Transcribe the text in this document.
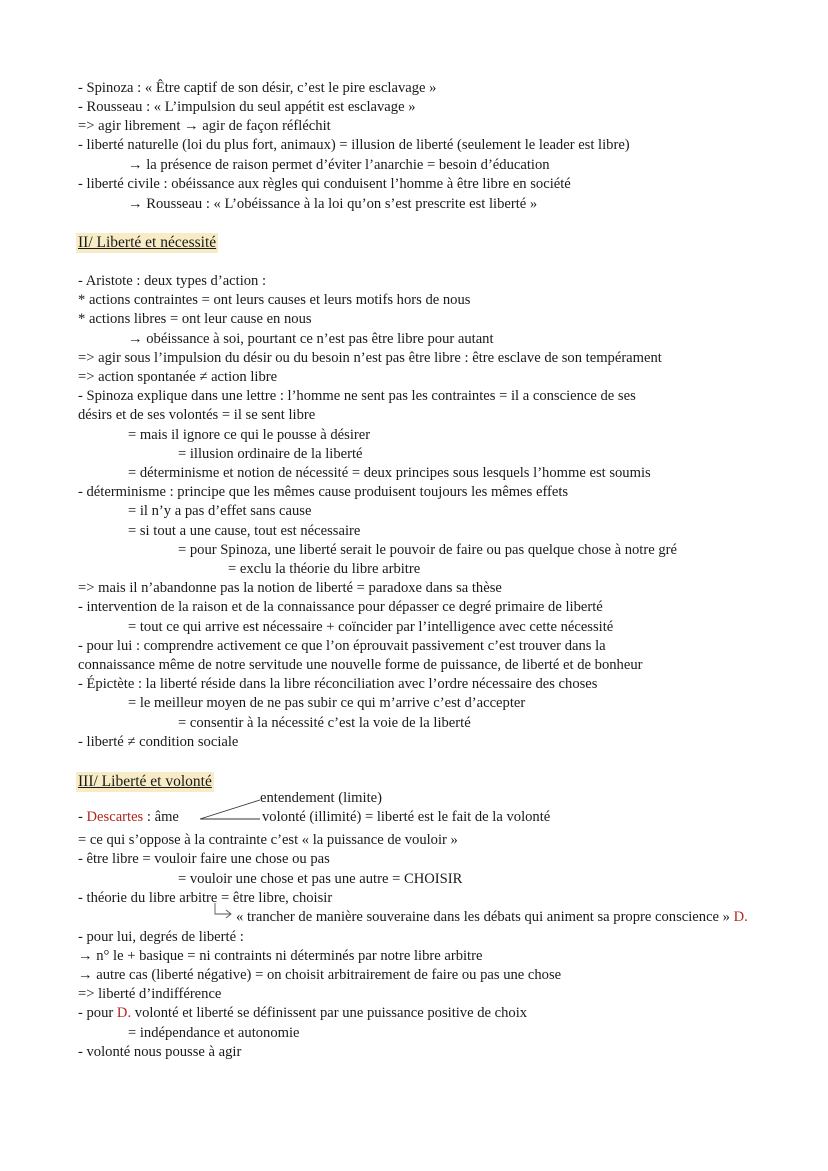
- Spinoza : « Être captif de son désir, c’est le pire esclavage »
- Rousseau : « L’impulsion du seul appétit est esclavage »
=> agir librement → agir de façon réfléchit
- liberté naturelle (loi du plus fort, animaux) = illusion de liberté (seulement le leader est libre)
→ la présence de raison permet d’éviter l’anarchie = besoin d’éducation
- liberté civile : obéissance aux règles qui conduisent l’homme à être libre en société
→ Rousseau : « L’obéissance à la loi qu’on s’est prescrite est liberté »
II/ Liberté et nécessité
- Aristote : deux types d’action :
* actions contraintes = ont leurs causes et leurs motifs hors de nous
* actions libres = ont leur cause en nous
→ obéissance à soi, pourtant ce n’est pas être libre pour autant
=> agir sous l’impulsion du désir ou du besoin n’est pas être libre : être esclave de son tempérament
=> action spontanée ≠ action libre
- Spinoza explique dans une lettre : l’homme ne sent pas les contraintes = il a conscience de ses
désirs et de ses volontés = il se sent libre
= mais il ignore ce qui le pousse à désirer
= illusion ordinaire de la liberté
= déterminisme et notion de nécessité = deux principes sous lesquels l’homme est soumis
- déterminisme : principe que les mêmes cause produisent toujours les mêmes effets
= il n’y a pas d’effet sans cause
= si tout a une cause, tout est nécessaire
= pour Spinoza, une liberté serait le pouvoir de faire ou pas quelque chose à notre gré
= exclu la théorie du libre arbitre
=> mais il n’abandonne pas la notion de liberté = paradoxe dans sa thèse
- intervention de la raison et de la connaissance pour dépasser ce degré primaire de liberté
= tout ce qui arrive est nécessaire + coïncider par l’intelligence avec cette nécessité
- pour lui : comprendre activement ce que l’on éprouvait passivement c’est trouver dans la
connaissance même de notre servitude une nouvelle forme de puissance, de liberté et de bonheur
- Épictète : la liberté réside dans la libre réconciliation avec l’ordre nécessaire des choses
= le meilleur moyen de ne pas subir ce qui m’arrive c’est d’accepter
= consentir à la nécessité c’est la voie de la liberté
- liberté ≠ condition sociale
III/ Liberté et volonté
entendement (limite)
- Descartes : âme	volonté (illimité) = liberté est le fait de la volonté
= ce qui s’oppose à la contrainte c’est « la puissance de vouloir »
- être libre = vouloir faire une chose ou pas
= vouloir une chose et pas une autre = CHOISIR
- théorie du libre arbitre = être libre, choisir
« trancher de manière souveraine dans les débats qui animent sa propre conscience » D.
- pour lui, degrés de liberté :
→ n° le + basique = ni contraints ni déterminés par notre libre arbitre
→ autre cas (liberté négative) = on choisit arbitrairement de faire ou pas une chose
=> liberté d’indifférence
- pour D. volonté et liberté se définissent par une puissance positive de choix
= indépendance et autonomie
- volonté nous pousse à agir
